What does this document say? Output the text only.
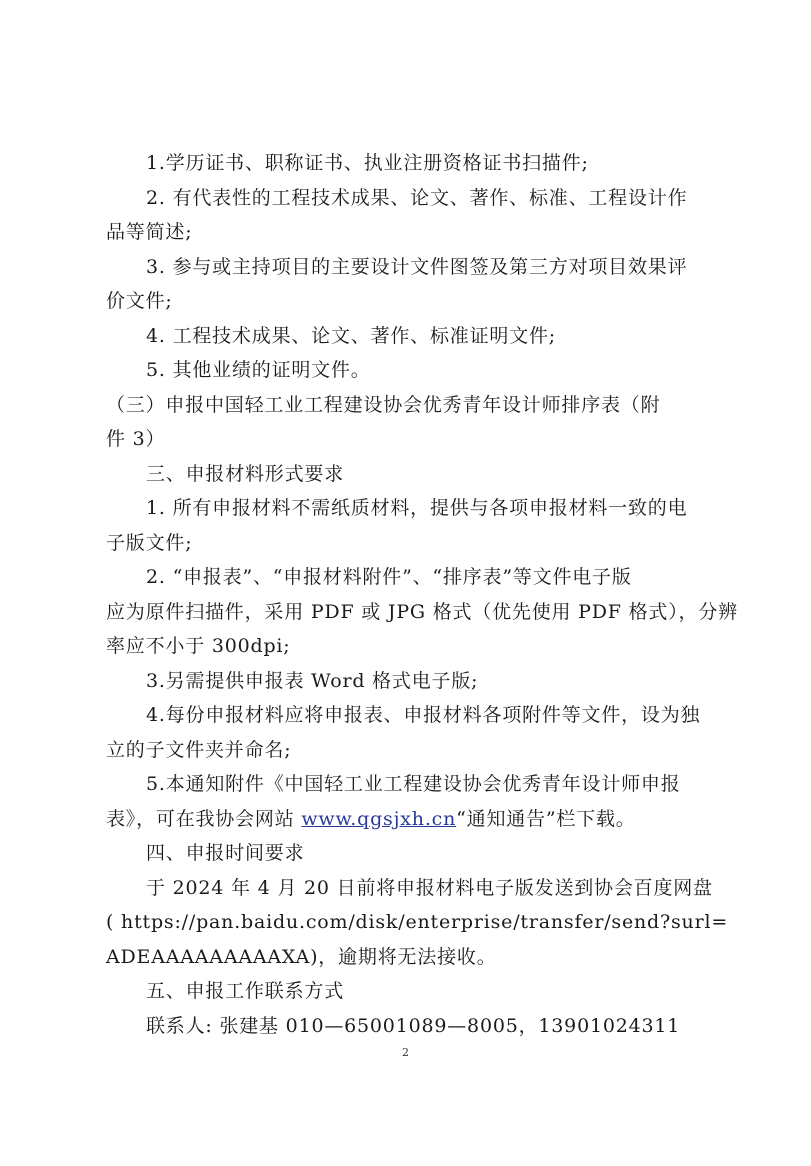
1.学历证书、职称证书、执业注册资格证书扫描件;

2. 有代表性的工程技术成果、论文、著作、标准、工程设计作

品等简述;

3. 参与或主持项目的主要设计文件图签及第三方对项目效果评

价文件;

4. 工程技术成果、论文、著作、标准证明文件;

5. 其他业绩的证明文件。

（三）申报中国轻工业工程建设协会优秀青年设计师排序表（附

件 3）

三、申报材料形式要求

1. 所有申报材料不需纸质材料，提供与各项申报材料一致的电

子版文件;

2. “申报表”、“申报材料附件”、“排序表”等文件电子版

应为原件扫描件，采用 PDF 或 JPG 格式（优先使用 PDF 格式），分辨

率应不小于 300dpi;

3.另需提供申报表 Word 格式电子版;

4.每份申报材料应将申报表、申报材料各项附件等文件，设为独

立的子文件夹并命名;

5.本通知附件《中国轻工业工程建设协会优秀青年设计师申报

表》，可在我协会网站 www.qgsjxh.cn“通知通告”栏下载。

四、申报时间要求

于 2024 年 4 月 20 日前将申报材料电子版发送到协会百度网盘

( https://pan.baidu.com/disk/enterprise/transfer/send?surl=

ADEAAAAAAAAAXA)，逾期将无法接收。

五、申报工作联系方式

联系人: 张建基 010—65001089—8005，13901024311

2
